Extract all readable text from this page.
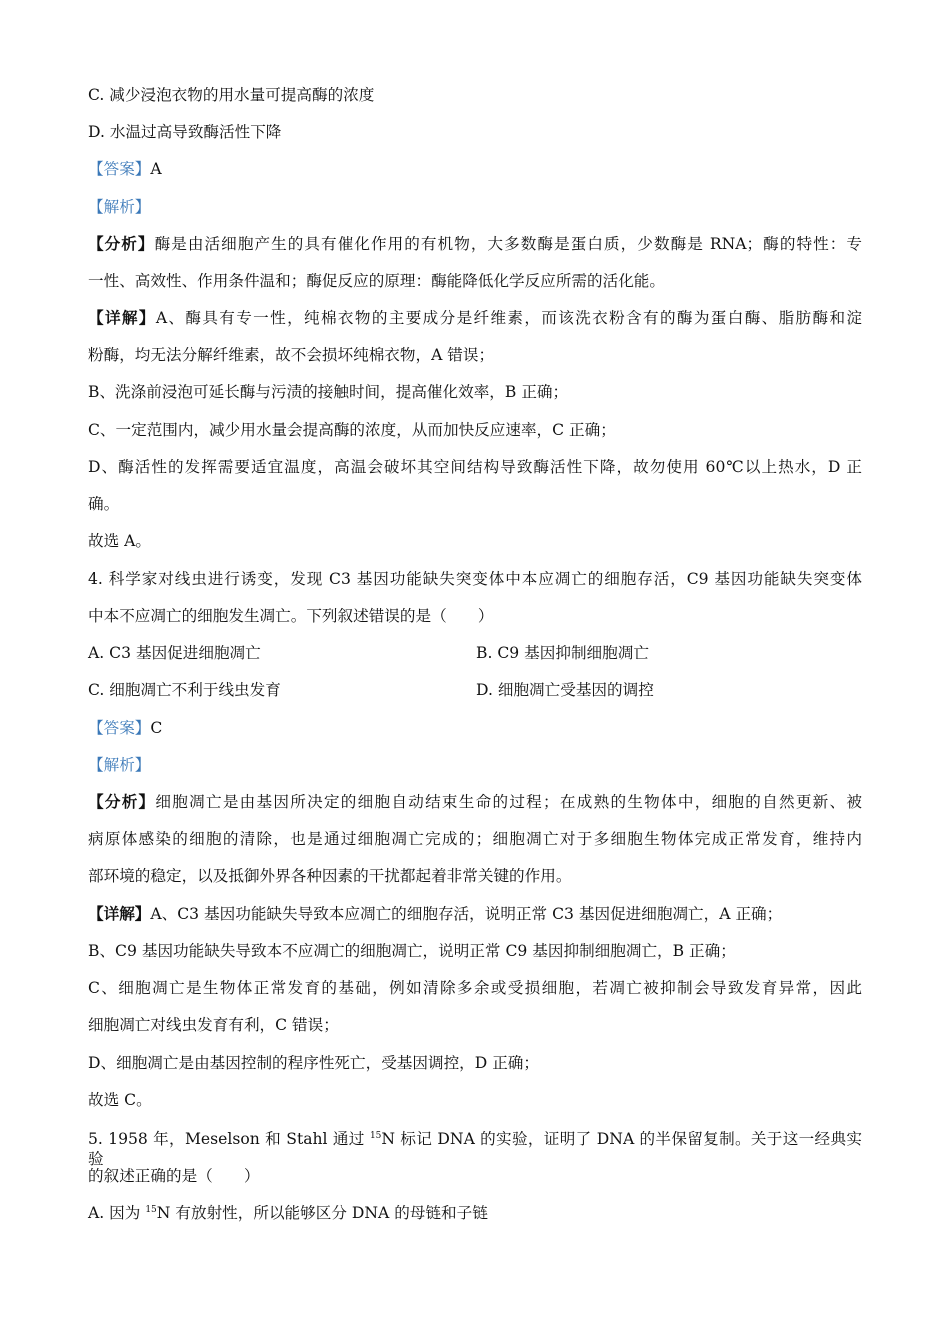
C. 减少浸泡衣物的用水量可提高酶的浓度
D. 水温过高导致酶活性下降
【答案】A
【解析】
【分析】酶是由活细胞产生的具有催化作用的有机物，大多数酶是蛋白质，少数酶是 RNA；酶的特性：专
一性、高效性、作用条件温和；酶促反应的原理：酶能降低化学反应所需的活化能。
【详解】A、酶具有专一性，纯棉衣物的主要成分是纤维素，而该洗衣粉含有的酶为蛋白酶、脂肪酶和淀
粉酶，均无法分解纤维素，故不会损坏纯棉衣物，A 错误；
B、洗涤前浸泡可延长酶与污渍的接触时间，提高催化效率，B 正确；
C、一定范围内，减少用水量会提高酶的浓度，从而加快反应速率，C 正确；
D、酶活性的发挥需要适宜温度，高温会破坏其空间结构导致酶活性下降，故勿使用 60℃以上热水，D 正
确。
故选 A。
4. 科学家对线虫进行诱变，发现 C3 基因功能缺失突变体中本应凋亡的细胞存活，C9 基因功能缺失突变体
中本不应凋亡的细胞发生凋亡。下列叙述错误的是（　　）
A. C3 基因促进细胞凋亡	B. C9 基因抑制细胞凋亡
C. 细胞凋亡不利于线虫发育	D. 细胞凋亡受基因的调控
【答案】C
【解析】
【分析】细胞凋亡是由基因所决定的细胞自动结束生命的过程；在成熟的生物体中，细胞的自然更新、被
病原体感染的细胞的清除，也是通过细胞凋亡完成的；细胞凋亡对于多细胞生物体完成正常发育，维持内
部环境的稳定，以及抵御外界各种因素的干扰都起着非常关键的作用。
【详解】A、C3 基因功能缺失导致本应凋亡的细胞存活，说明正常 C3 基因促进细胞凋亡，A 正确；
B、C9 基因功能缺失导致本不应凋亡的细胞凋亡，说明正常 C9 基因抑制细胞凋亡，B 正确；
C、细胞凋亡是生物体正常发育的基础，例如清除多余或受损细胞，若凋亡被抑制会导致发育异常，因此
细胞凋亡对线虫发育有利，C 错误；
D、细胞凋亡是由基因控制的程序性死亡，受基因调控，D 正确；
故选 C。
5. 1958 年，Meselson 和 Stahl 通过 $^{15}$N 标记 DNA 的实验，证明了 DNA 的半保留复制。关于这一经典实验
的叙述正确的是（　　）
A. 因为 $^{15}$N 有放射性，所以能够区分 DNA 的母链和子链
